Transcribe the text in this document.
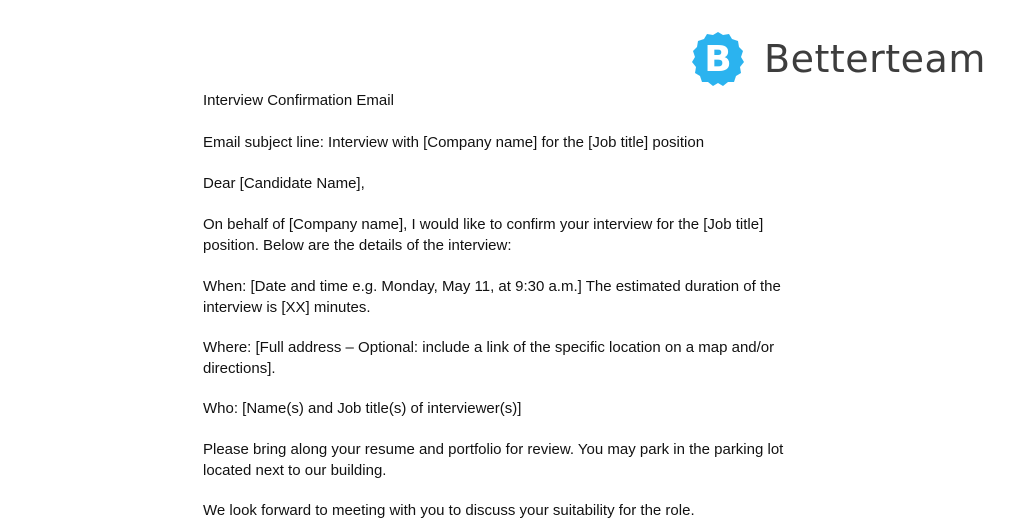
B Betterteam

Interview Confirmation Email

Email subject line: Interview with [Company name] for the [Job title] position

Dear [Candidate Name],

On behalf of [Company name], I would like to confirm your interview for the [Job title] position. Below are the details of the interview:

When: [Date and time e.g. Monday, May 11, at 9:30 a.m.] The estimated duration of the interview is [XX] minutes.

Where: [Full address – Optional: include a link of the specific location on a map and/or directions].

Who: [Name(s) and Job title(s) of interviewer(s)]

Please bring along your resume and portfolio for review. You may park in the parking lot located next to our building.

We look forward to meeting with you to discuss your suitability for the role.
